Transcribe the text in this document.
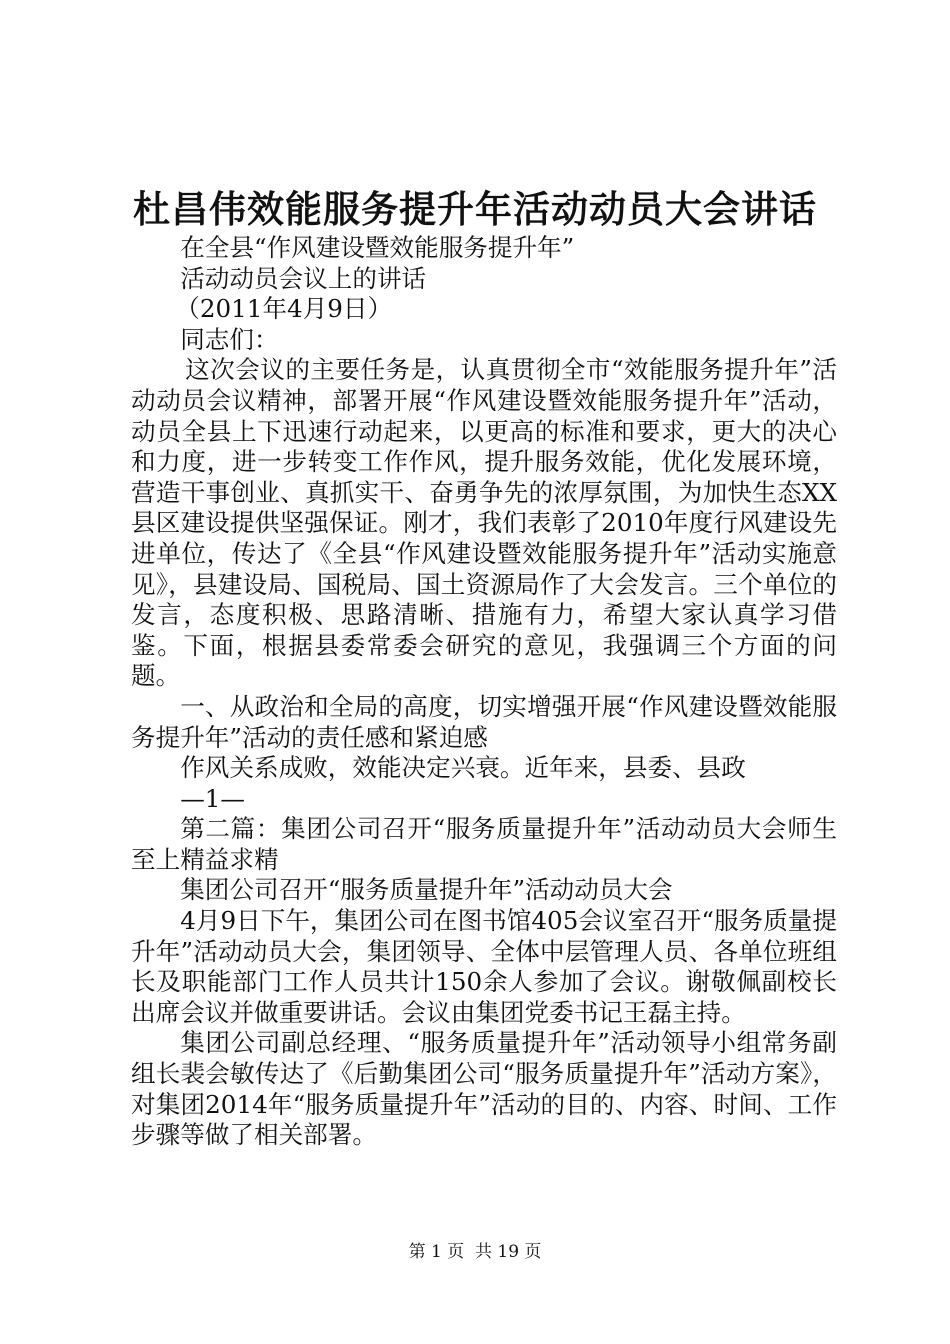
杜昌伟效能服务提升年活动动员大会讲话

在全县“作风建设暨效能服务提升年”

活动动员会议上的讲话

（2011年4月9日）

同志们：

这次会议的主要任务是，认真贯彻全市“效能服务提升年”活动动员会议精神，部署开展“作风建设暨效能服务提升年”活动，动员全县上下迅速行动起来，以更高的标准和要求，更大的决心和力度，进一步转变工作作风，提升服务效能，优化发展环境，营造干事创业、真抓实干、奋勇争先的浓厚氛围，为加快生态XX县区建设提供坚强保证。刚才，我们表彰了2010年度行风建设先进单位，传达了《全县“作风建设暨效能服务提升年”活动实施意见》，县建设局、国税局、国土资源局作了大会发言。三个单位的发言，态度积极、思路清晰、措施有力，希望大家认真学习借鉴。下面，根据县委常委会研究的意见，我强调三个方面的问题。

一、从政治和全局的高度，切实增强开展“作风建设暨效能服务提升年”活动的责任感和紧迫感

作风关系成败，效能决定兴衰。近年来，县委、县政

—1—

第二篇：集团公司召开“服务质量提升年”活动动员大会师生至上精益求精

集团公司召开“服务质量提升年”活动动员大会

4月9日下午，集团公司在图书馆405会议室召开“服务质量提升年”活动动员大会，集团领导、全体中层管理人员、各单位班组长及职能部门工作人员共计150余人参加了会议。谢敬佩副校长出席会议并做重要讲话。会议由集团党委书记王磊主持。

集团公司副总经理、“服务质量提升年”活动领导小组常务副组长裴会敏传达了《后勤集团公司“服务质量提升年”活动方案》，对集团2014年“服务质量提升年”活动的目的、内容、时间、工作步骤等做了相关部署。

第 1 页  共 19 页
